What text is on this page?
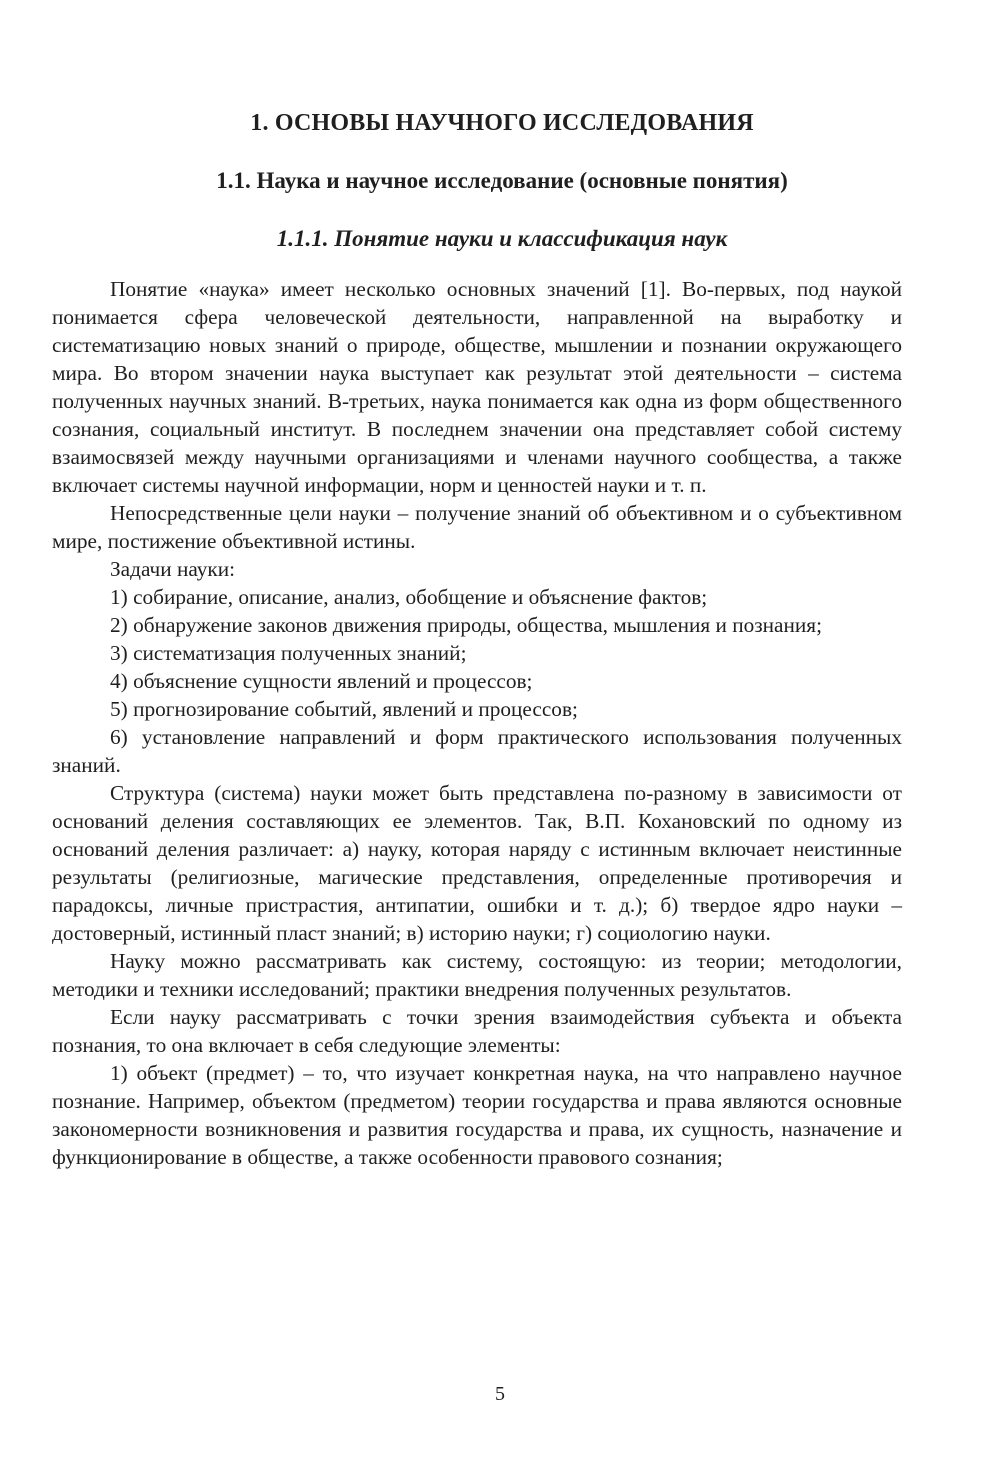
1. ОСНОВЫ НАУЧНОГО ИССЛЕДОВАНИЯ
1.1. Наука и научное исследование (основные понятия)
1.1.1. Понятие науки и классификация наук

Понятие «наука» имеет несколько основных значений [1]. Во-первых, под наукой понимается сфера человеческой деятельности, направленной на выработку и систематизацию новых знаний о природе, обществе, мышлении и познании окружающего мира. Во втором значении наука выступает как результат этой деятельности – система полученных научных знаний. В-третьих, наука понимается как одна из форм общественного сознания, социальный институт. В последнем значении она представляет собой систему взаимосвязей между научными организациями и членами научного сообщества, а также включает системы научной информации, норм и ценностей науки и т. п.

Непосредственные цели науки – получение знаний об объективном и о субъективном мире, постижение объективной истины.

Задачи науки:

1) собирание, описание, анализ, обобщение и объяснение фактов;

2) обнаружение законов движения природы, общества, мышления и познания;

3) систематизация полученных знаний;

4) объяснение сущности явлений и процессов;

5) прогнозирование событий, явлений и процессов;

6) установление направлений и форм практического использования полученных знаний.

Структура (система) науки может быть представлена по-разному в зависимости от оснований деления составляющих ее элементов. Так, В.П. Кохановский по одному из оснований деления различает: а) науку, которая наряду с истинным включает неистинные результаты (религиозные, магические представления, определенные противоречия и парадоксы, личные пристрастия, антипатии, ошибки и т. д.); б) твердое ядро науки – достоверный, истинный пласт знаний; в) историю науки; г) социологию науки.

Науку можно рассматривать как систему, состоящую: из теории; методологии, методики и техники исследований; практики внедрения полученных результатов.

Если науку рассматривать с точки зрения взаимодействия субъекта и объекта познания, то она включает в себя следующие элементы:

1) объект (предмет) – то, что изучает конкретная наука, на что направлено научное познание. Например, объектом (предметом) теории государства и права являются основные закономерности возникновения и развития государства и права, их сущность, назначение и функционирование в обществе, а также особенности правового сознания;

5
